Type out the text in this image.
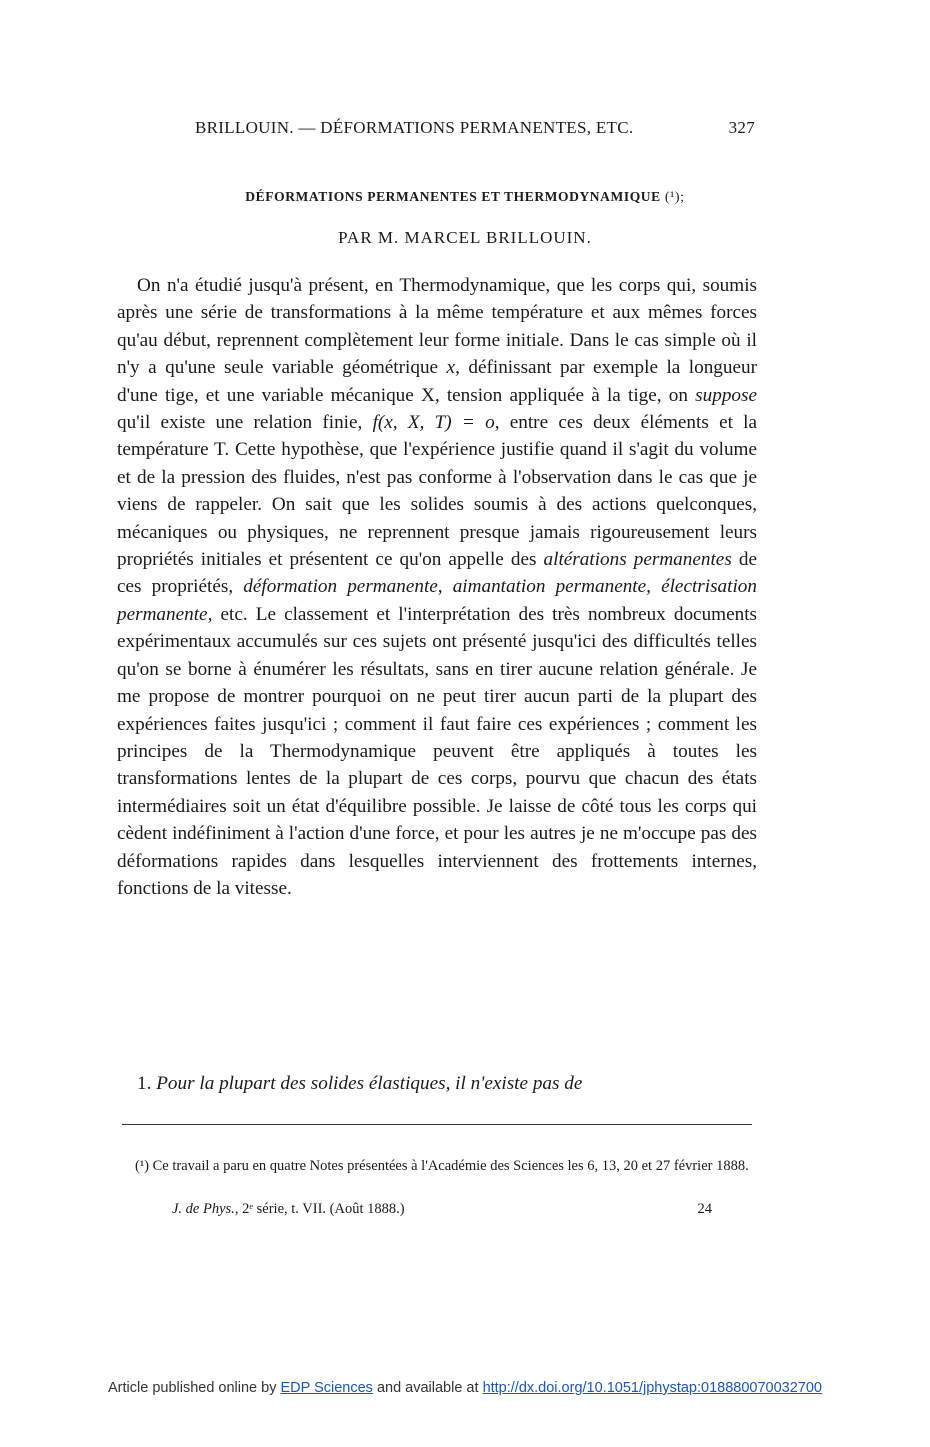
BRILLOUIN. — DÉFORMATIONS PERMANENTES, ETC.	327
DÉFORMATIONS PERMANENTES ET THERMODYNAMIQUE (¹);
PAR M. MARCEL BRILLOUIN.

On n'a étudié jusqu'à présent, en Thermodynamique, que les corps qui, soumis après une série de transformations à la même température et aux mêmes forces qu'au début, reprennent complètement leur forme initiale. Dans le cas simple où il n'y a qu'une seule variable géométrique x, définissant par exemple la longueur d'une tige, et une variable mécanique X, tension appliquée à la tige, on suppose qu'il existe une relation finie, f(x, X, T) = o, entre ces deux éléments et la température T. Cette hypothèse, que l'expérience justifie quand il s'agit du volume et de la pression des fluides, n'est pas conforme à l'observation dans le cas que je viens de rappeler. On sait que les solides soumis à des actions quelconques, mécaniques ou physiques, ne reprennent presque jamais rigoureusement leurs propriétés initiales et présentent ce qu'on appelle des altérations permanentes de ces propriétés, déformation permanente, aimantation permanente, électrisation permanente, etc. Le classement et l'interprétation des très nombreux documents expérimentaux accumulés sur ces sujets ont présenté jusqu'ici des difficultés telles qu'on se borne à énumérer les résultats, sans en tirer aucune relation générale. Je me propose de montrer pourquoi on ne peut tirer aucun parti de la plupart des expériences faites jusqu'ici ; comment il faut faire ces expériences ; comment les principes de la Thermodynamique peuvent être appliqués à toutes les transformations lentes de la plupart de ces corps, pourvu que chacun des états intermédiaires soit un état d'équilibre possible. Je laisse de côté tous les corps qui cèdent indéfiniment à l'action d'une force, et pour les autres je ne m'occupe pas des déformations rapides dans lesquelles interviennent des frottements internes, fonctions de la vitesse.

1. Pour la plupart des solides élastiques, il n'existe pas de

(¹) Ce travail a paru en quatre Notes présentées à l'Académie des Sciences les 6, 13, 20 et 27 février 1888.

J. de Phys., 2ᵉ série, t. VII. (Août 1888.)	24
Article published online by EDP Sciences and available at http://dx.doi.org/10.1051/jphystap:018880070032700
